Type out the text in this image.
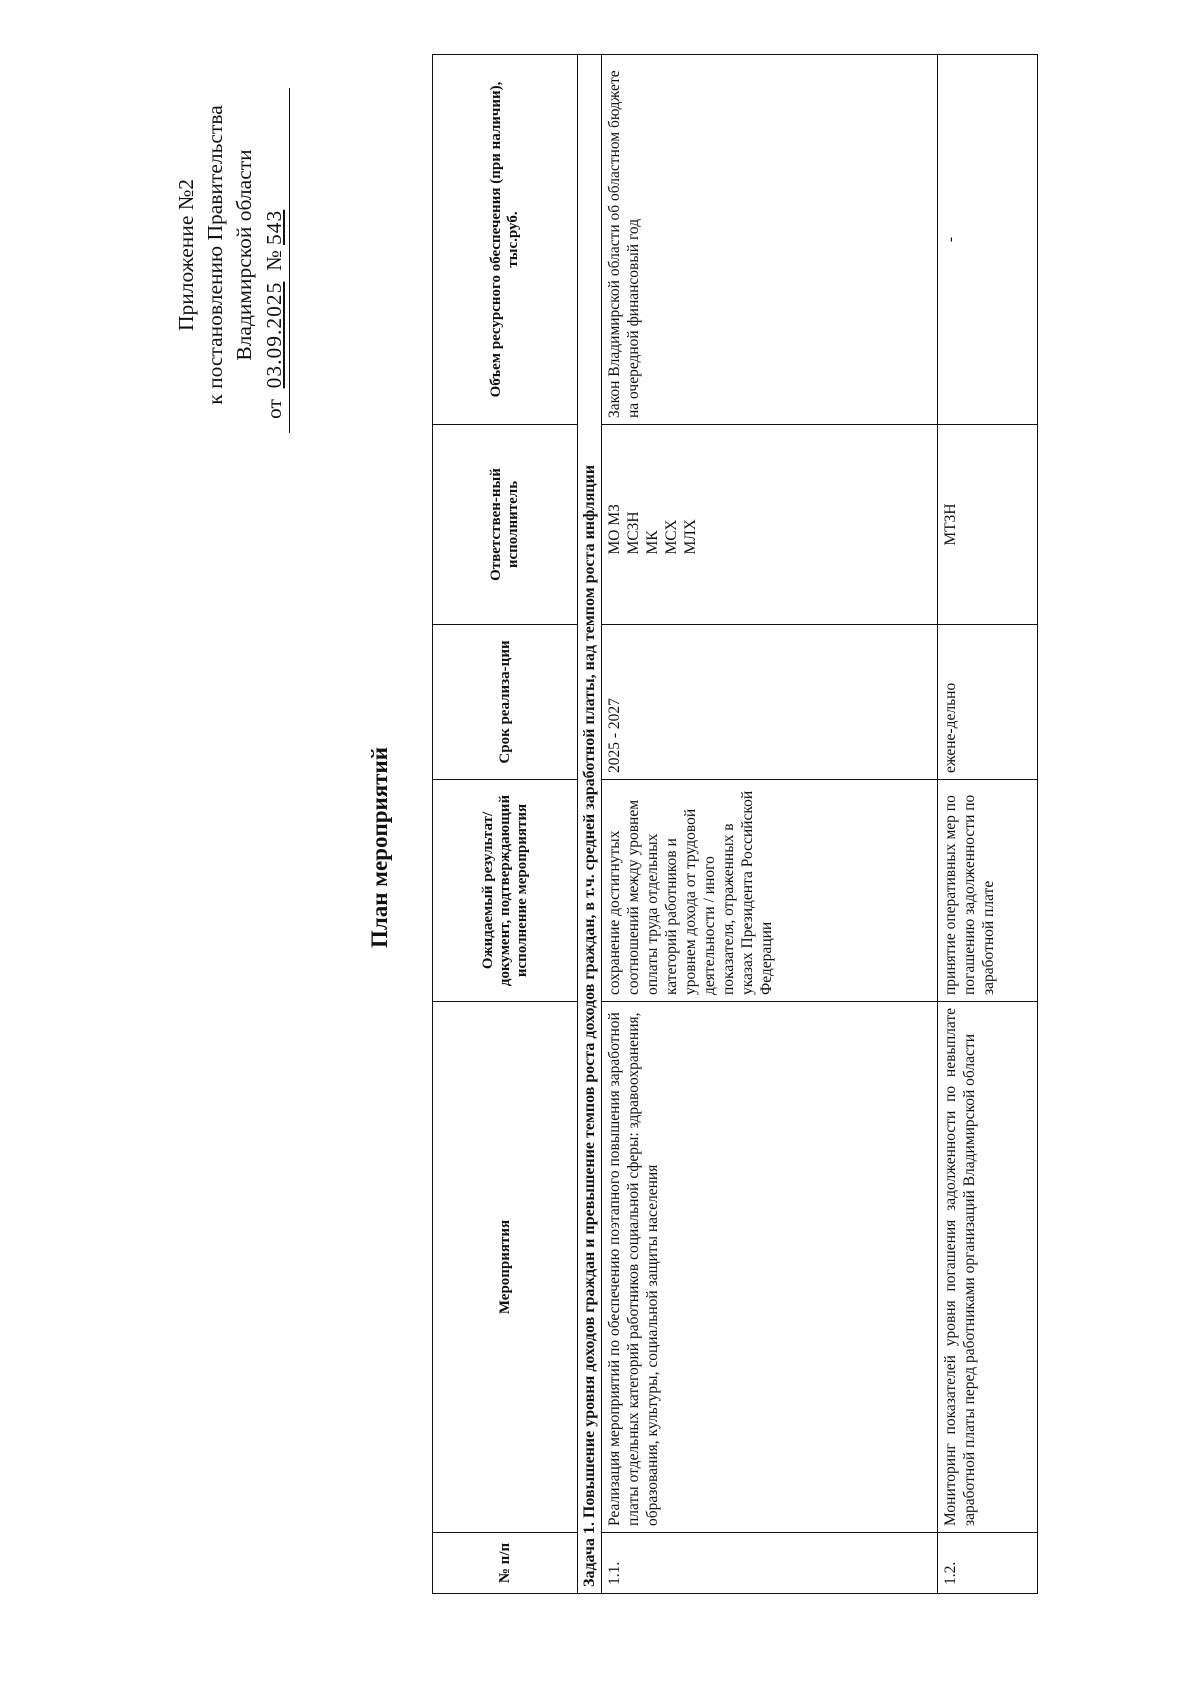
Приложение №2 к постановлению Правительства Владимирской области
от  03.09.2025  № 543
План мероприятий
№ п/п	Мероприятия	Ожидаемый результат/ документ, подтверждающий исполнение мероприятия	Срок реализа-ции	Ответствен-ный исполнитель	Объем ресурсного обеспечения (при наличии), тыс.руб.
Задача 1. Повышение уровня доходов граждан и превышение темпов роста доходов граждан, в т.ч. средней заработной платы, над темпом роста инфляции					
1.1.	Реализация мероприятий по обеспечению поэтапного повышения заработной платы отдельных категорий работников социальной сферы: здравоохранения, образования, культуры, социальной защиты населения	сохранение достигнутых соотношений между уровнем оплаты труда отдельных категорий работников и уровнем дохода от трудовой деятельности / иного показателя, отраженных в указах Президента Российской Федерации	2025 - 2027	МО МЗ МСЗН МК МСХ МЛХ	Закон Владимирской области об областном бюджете на очередной финансовый год
1.2.	Мониторинг показателей уровня погашения задолженности по невыплате заработной платы перед работниками организаций Владимирской области	принятие оперативных мер по погашению задолженности по заработной плате	еженe-дельно	МТЗН	-
